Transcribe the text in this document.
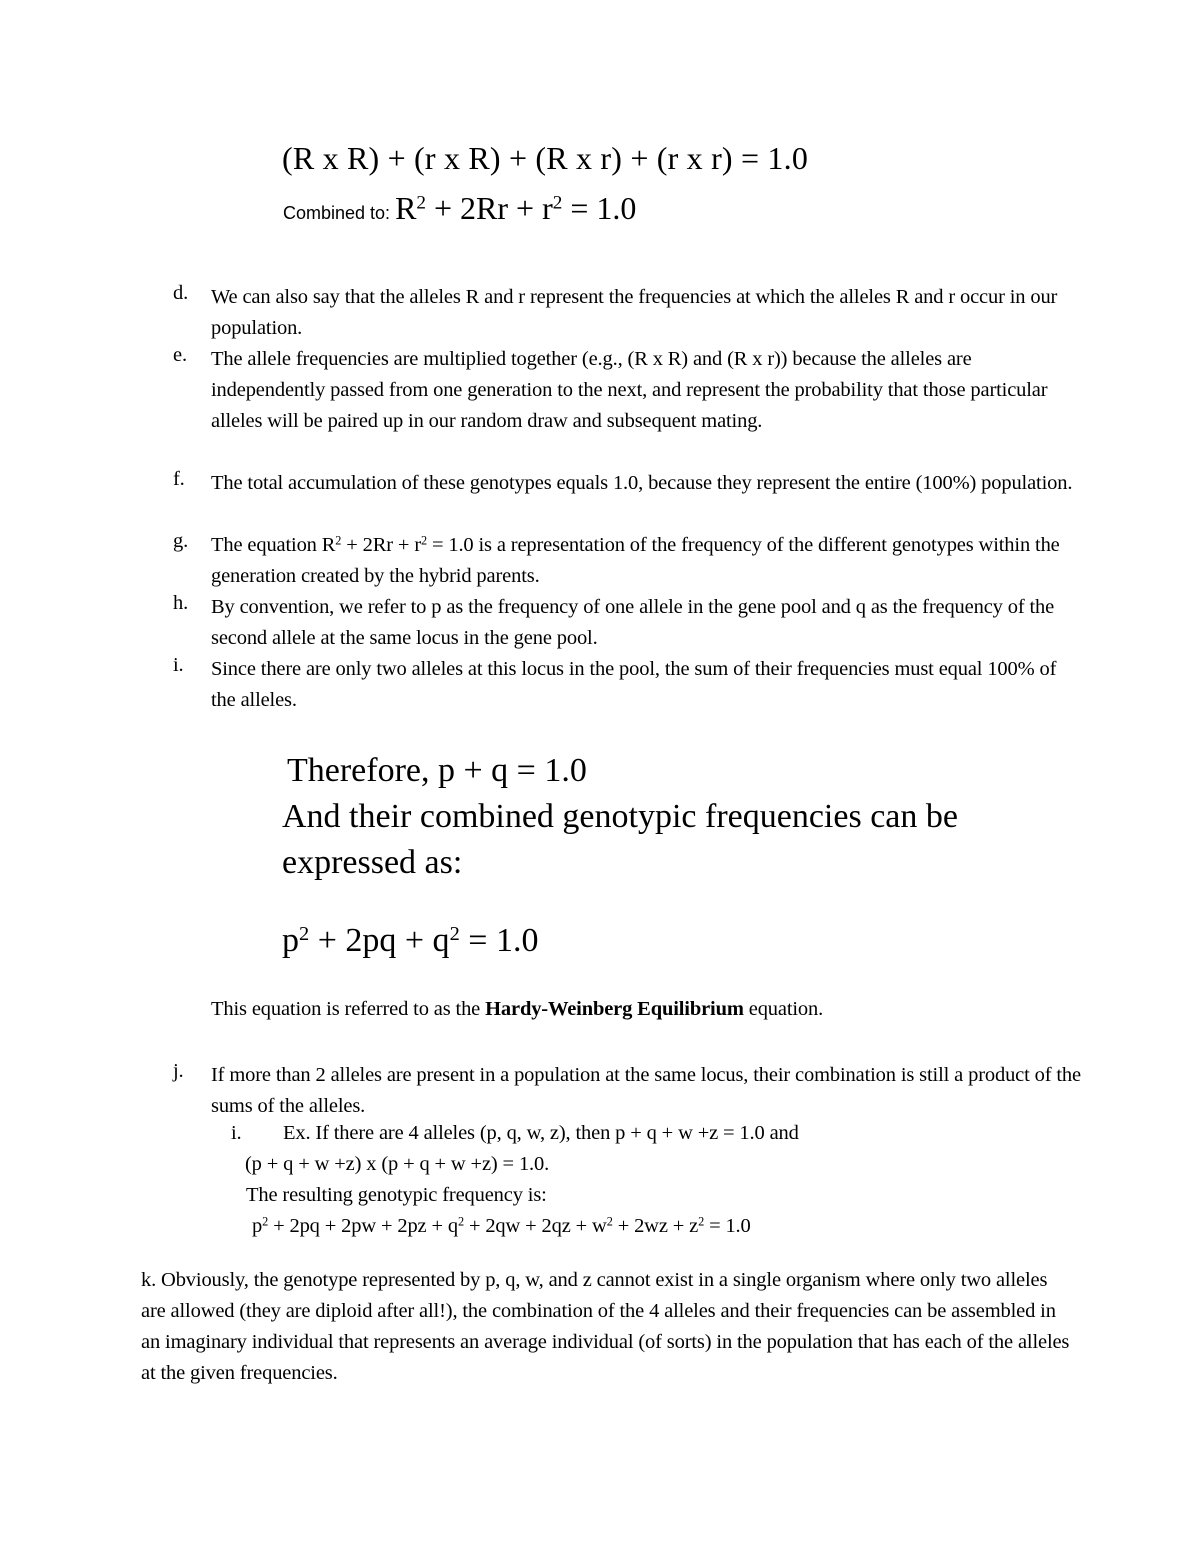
(R x R) + (r x R) + (R x r) + (r x r) = 1.0
Combined to: $R^2 + 2Rr + r^2 = 1.0$
d.	We can also say that the alleles R and r represent the frequencies at which the alleles R and r occur in our population.
e.	The allele frequencies are multiplied together (e.g., (R x R) and (R x r)) because the alleles are independently passed from one generation to the next, and represent the probability that those particular alleles will be paired up in our random draw and subsequent mating.
f.	The total accumulation of these genotypes equals 1.0, because they represent the entire (100%) population.
g.	The equation $R^2 + 2Rr + r^2 = 1.0$ is a representation of the frequency of the different genotypes within the generation created by the hybrid parents.
h.	By convention, we refer to p as the frequency of one allele in the gene pool and q as the frequency of the second allele at the same locus in the gene pool.
i.	Since there are only two alleles at this locus in the pool, the sum of their frequencies must equal 100% of the alleles.
Therefore, p + q = 1.0
And their combined genotypic frequencies can be
expressed as:
$p^2 + 2pq + q^2 = 1.0$
This equation is referred to as the Hardy-Weinberg Equilibrium equation.
j.	If more than 2 alleles are present in a population at the same locus, their combination is still a product of the sums of the alleles.
i. Ex. If there are 4 alleles (p, q, w, z), then p + q + w +z = 1.0 and
(p + q + w +z) x (p + q + w +z) = 1.0.
The resulting genotypic frequency is:
$p^2 + 2pq + 2pw + 2pz + q^2 + 2qw + 2qz + w^2 + 2wz + z^2 = 1.0$
k. Obviously, the genotype represented by p, q, w, and z cannot exist in a single organism where only two alleles are allowed (they are diploid after all!), the combination of the 4 alleles and their frequencies can be assembled in an imaginary individual that represents an average individual (of sorts) in the population that has each of the alleles at the given frequencies.
